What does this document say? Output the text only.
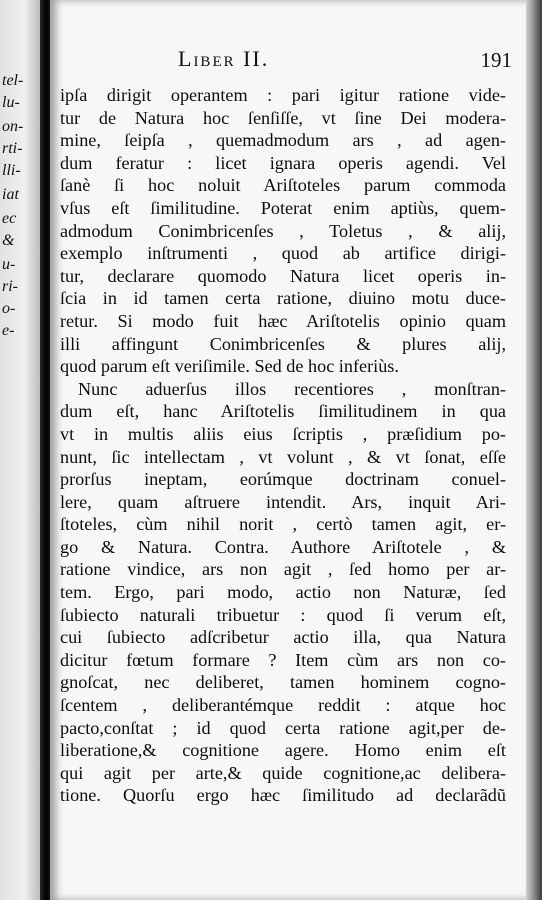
tel-
lu-
on-
rti-
lli-
iat
ec
&
u-
ri-
o-
e-
Liber II.	191
ipſa dirigit operantem : pari igitur ratione vide-
tur de Natura hoc ſenſiſſe, vt ſine Dei modera-
mine, ſeipſa , quemadmodum ars , ad agen-
dum feratur : licet ignara operis agendi. Vel
ſanè ſi hoc noluit Ariſtoteles parum commoda
vſus eſt ſimilitudine. Poterat enim aptiùs, quem-
admodum Conimbricenſes , Toletus , & alij,
exemplo inſtrumenti , quod ab artifice dirigi-
tur, declarare quomodo Natura licet operis in-
ſcia in id tamen certa ratione, diuino motu duce-
retur. Si modo fuit hæc Ariſtotelis opinio quam
illi affingunt Conimbricenſes & plures alij,
quod parum eſt veriſimile. Sed de hoc inferiùs.
Nunc aduerſus illos recentiores , monſtran-
dum eſt, hanc Ariſtotelis ſimilitudinem in qua
vt in multis aliis eius ſcriptis , præſidium po-
nunt, ſic intellectam , vt volunt , & vt ſonat, eſſe
prorſus ineptam, eorúmque doctrinam conuel-
lere, quam aſtruere intendit. Ars, inquit Ari-
ſtoteles, cùm nihil norit , certò tamen agit, er-
go & Natura. Contra. Authore Ariſtotele , &
ratione vindice, ars non agit , ſed homo per ar-
tem. Ergo, pari modo, actio non Naturæ, ſed
ſubiecto naturali tribuetur : quod ſi verum eſt,
cui ſubiecto adſcribetur actio illa, qua Natura
dicitur fœtum formare ? Item cùm ars non co-
gnoſcat, nec deliberet, tamen hominem cogno-
ſcentem , deliberantémque reddit : atque hoc
pacto,conſtat ; id quod certa ratione agit,per de-
liberatione,& cognitione agere. Homo enim eſt
qui agit per arte,& quide cognitione,ac delibera-
tione. Quorſu ergo hæc ſimilitudo ad declarãdũ
